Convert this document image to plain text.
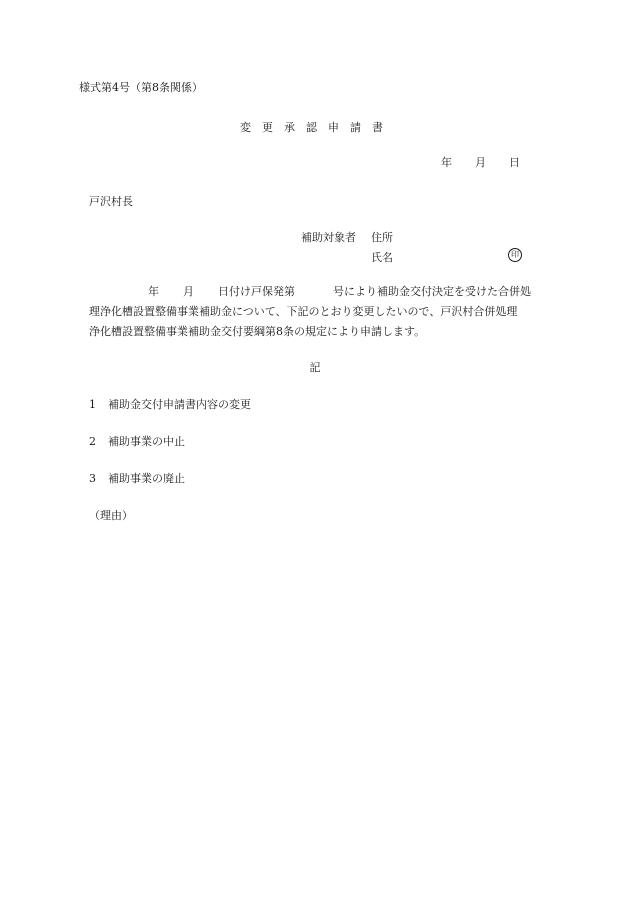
様式第4号（第8条関係）
変更承認申請書
年 月 日
戸沢村長
補助対象者 住所
氏名	印
年 月 日付け戸保発第	号により補助金交付決定を受けた合併処
理浄化槽設置整備事業補助金について、下記のとおり変更したいので、戸沢村合併処理
浄化槽設置整備事業補助金交付要綱第8条の規定により申請します。
記
1 補助金交付申請書内容の変更
2 補助事業の中止
3 補助事業の廃止
（理由）
